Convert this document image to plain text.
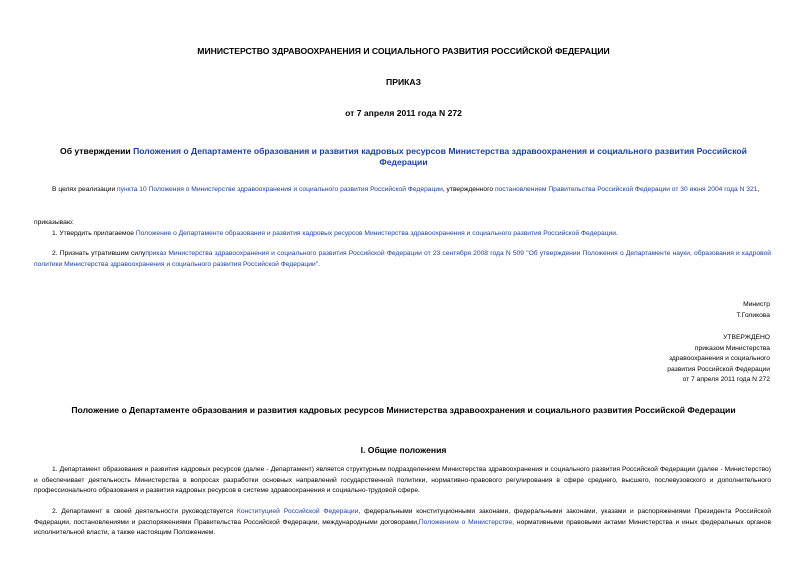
МИНИСТЕРСТВО ЗДРАВООХРАНЕНИЯ И СОЦИАЛЬНОГО РАЗВИТИЯ РОССИЙСКОЙ ФЕДЕРАЦИИ
ПРИКАЗ
от 7 апреля 2011 года N 272
Об утверждении Положения о Департаменте образования и развития кадровых ресурсов Министерства здравоохранения и социального развития Российской Федерации
В целях реализации пункта 10 Положения о Министерстве здравоохранения и социального развития Российской Федерации, утвержденного постановлением Правительства Российской Федерации от 30 июня 2004 года N 321,
приказываю:
1. Утвердить прилагаемое Положение о Департаменте образования и развития кадровых ресурсов Министерства здравоохранения и социального развития Российской Федерации.
2. Признать утратившим силуприказ Министерства здравоохранения и социального развития Российской Федерации от 23 сентября 2008 года N 509 "Об утверждении Положения о Департаменте науки, образования и кадровой политики Министерства здравоохранения и социального развития Российской Федерации".
Министр
Т.Голикова
УТВЕРЖДЕНО
приказом Министерства
здравоохранения и социального
развития Российской Федерации
от 7 апреля 2011 года N 272
Положение о Департаменте образования и развития кадровых ресурсов Министерства здравоохранения и социального развития Российской Федерации
I. Общие положения
1. Департамент образования и развития кадровых ресурсов (далее - Департамент) является структурным подразделением Министерства здравоохранения и социального развития Российской Федерации (далее - Министерство) и обеспечивает деятельность Министерства в вопросах разработки основных направлений государственной политики, нормативно-правового регулирования в сфере среднего, высшего, послевузовского и дополнительного профессионального образования и развития кадровых ресурсов в системе здравоохранения и социально-трудовой сфере.
2. Департамент в своей деятельности руководствуется Конституцией Российской Федерации, федеральными конституционными законами, федеральными законами, указами и распоряжениями Президента Российской Федерации, постановлениями и распоряжениями Правительства Российской Федерации, международными договорами,Положением о Министерстве, нормативными правовыми актами Министерства и иных федеральных органов исполнительной власти, а также настоящим Положением.
